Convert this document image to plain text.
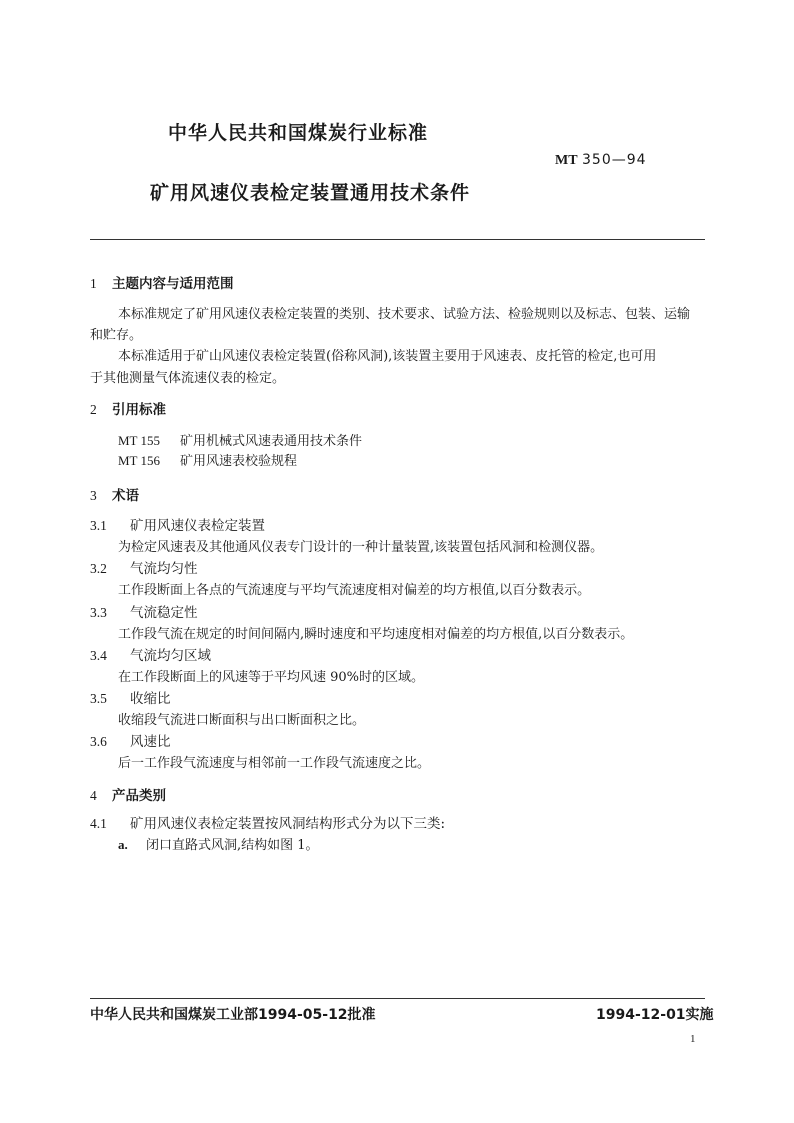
中华人民共和国煤炭行业标准
MT 350—94
矿用风速仪表检定装置通用技术条件
1 主题内容与适用范围
本标准规定了矿用风速仪表检定装置的类别、技术要求、试验方法、检验规则以及标志、包装、运输
和贮存。
本标准适用于矿山风速仪表检定装置(俗称风洞),该装置主要用于风速表、皮托管的检定,也可用
于其他测量气体流速仪表的检定。
2 引用标准
MT 155 矿用机械式风速表通用技术条件
MT 156 矿用风速表校验规程
3 术语
3.1 矿用风速仪表检定装置
为检定风速表及其他通风仪表专门设计的一种计量装置,该装置包括风洞和检测仪器。
3.2 气流均匀性
工作段断面上各点的气流速度与平均气流速度相对偏差的均方根值,以百分数表示。
3.3 气流稳定性
工作段气流在规定的时间间隔内,瞬时速度和平均速度相对偏差的均方根值,以百分数表示。
3.4 气流均匀区域
在工作段断面上的风速等于平均风速 90%时的区域。
3.5 收缩比
收缩段气流进口断面积与出口断面积之比。
3.6 风速比
后一工作段气流速度与相邻前一工作段气流速度之比。
4 产品类别
4.1 矿用风速仪表检定装置按风洞结构形式分为以下三类:
a. 闭口直路式风洞,结构如图 1。
中华人民共和国煤炭工业部1994-05-12批准	1994-12-01实施
1
